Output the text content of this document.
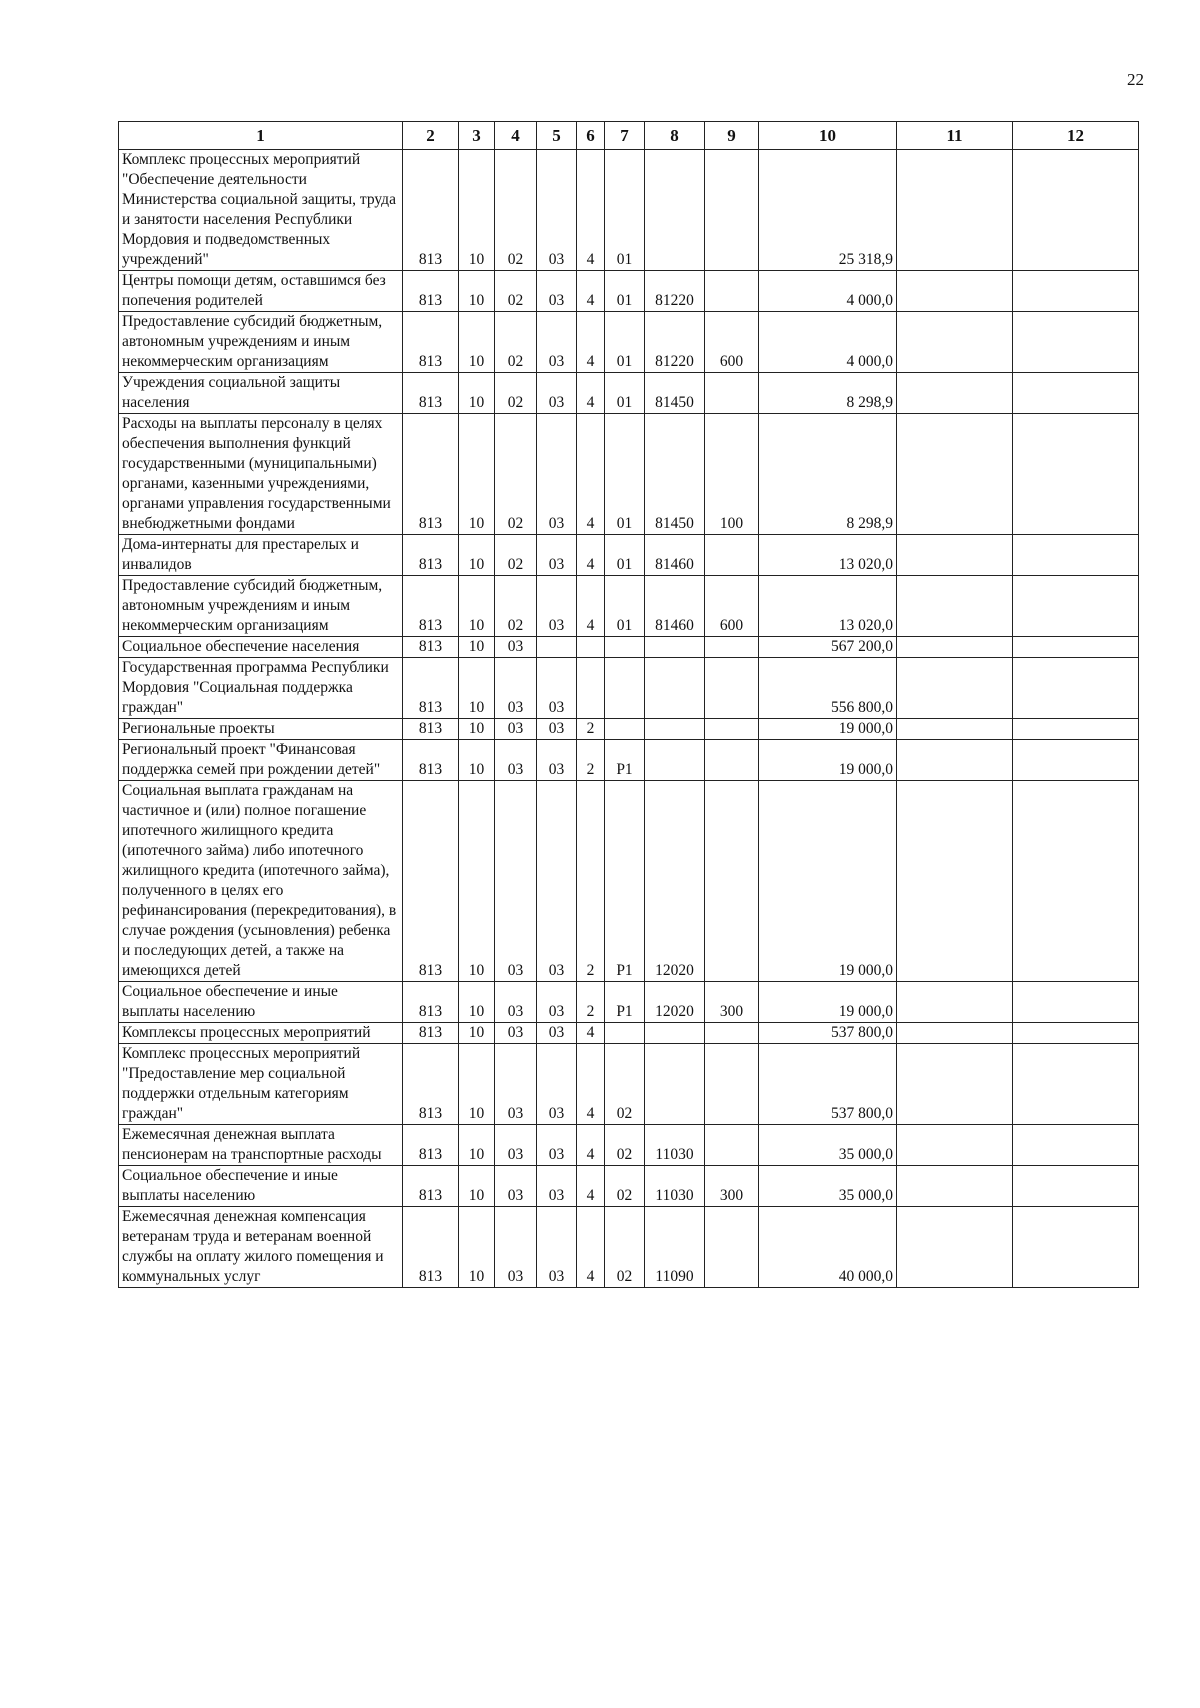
22
1	2	3	4	5	6	7	8	9	10	11	12
Комплекс процессных мероприятий "Обеспечение деятельности Министерства социальной защиты, труда и занятости населения Республики Мордовия и подведомственных учреждений"	813	10	02	03	4	01			25 318,9		
Центры помощи детям, оставшимся без попечения родителей	813	10	02	03	4	01	81220		4 000,0		
Предоставление субсидий бюджетным, автономным учреждениям и иным некоммерческим организациям	813	10	02	03	4	01	81220	600	4 000,0		
Учреждения социальной защиты населения	813	10	02	03	4	01	81450		8 298,9		
Расходы на выплаты персоналу в целях обеспечения выполнения функций государственными (муниципальными) органами, казенными учреждениями, органами управления государственными внебюджетными фондами	813	10	02	03	4	01	81450	100	8 298,9		
Дома-интернаты для престарелых и инвалидов	813	10	02	03	4	01	81460		13 020,0		
Предоставление субсидий бюджетным, автономным учреждениям и иным некоммерческим организациям	813	10	02	03	4	01	81460	600	13 020,0		
Социальное обеспечение населения	813	10	03						567 200,0		
Государственная программа Республики Мордовия "Социальная поддержка граждан"	813	10	03	03					556 800,0		
Региональные проекты	813	10	03	03	2				19 000,0		
Региональный проект "Финансовая поддержка семей при рождении детей"	813	10	03	03	2	P1			19 000,0		
Социальная выплата гражданам на частичное и (или) полное погашение ипотечного жилищного кредита (ипотечного займа) либо ипотечного жилищного кредита (ипотечного займа), полученного в целях его рефинансирования (перекредитования), в случае рождения (усыновления) ребенка и последующих детей, а также на имеющихся детей	813	10	03	03	2	P1	12020		19 000,0		
Социальное обеспечение и иные выплаты населению	813	10	03	03	2	P1	12020	300	19 000,0		
Комплексы процессных мероприятий	813	10	03	03	4				537 800,0		
Комплекс процессных мероприятий "Предоставление мер социальной поддержки отдельным категориям граждан"	813	10	03	03	4	02			537 800,0		
Ежемесячная денежная выплата пенсионерам на транспортные расходы	813	10	03	03	4	02	11030		35 000,0		
Социальное обеспечение и иные выплаты населению	813	10	03	03	4	02	11030	300	35 000,0		
Ежемесячная денежная компенсация ветеранам труда и ветеранам военной службы на оплату жилого помещения и коммунальных услуг	813	10	03	03	4	02	11090		40 000,0		
